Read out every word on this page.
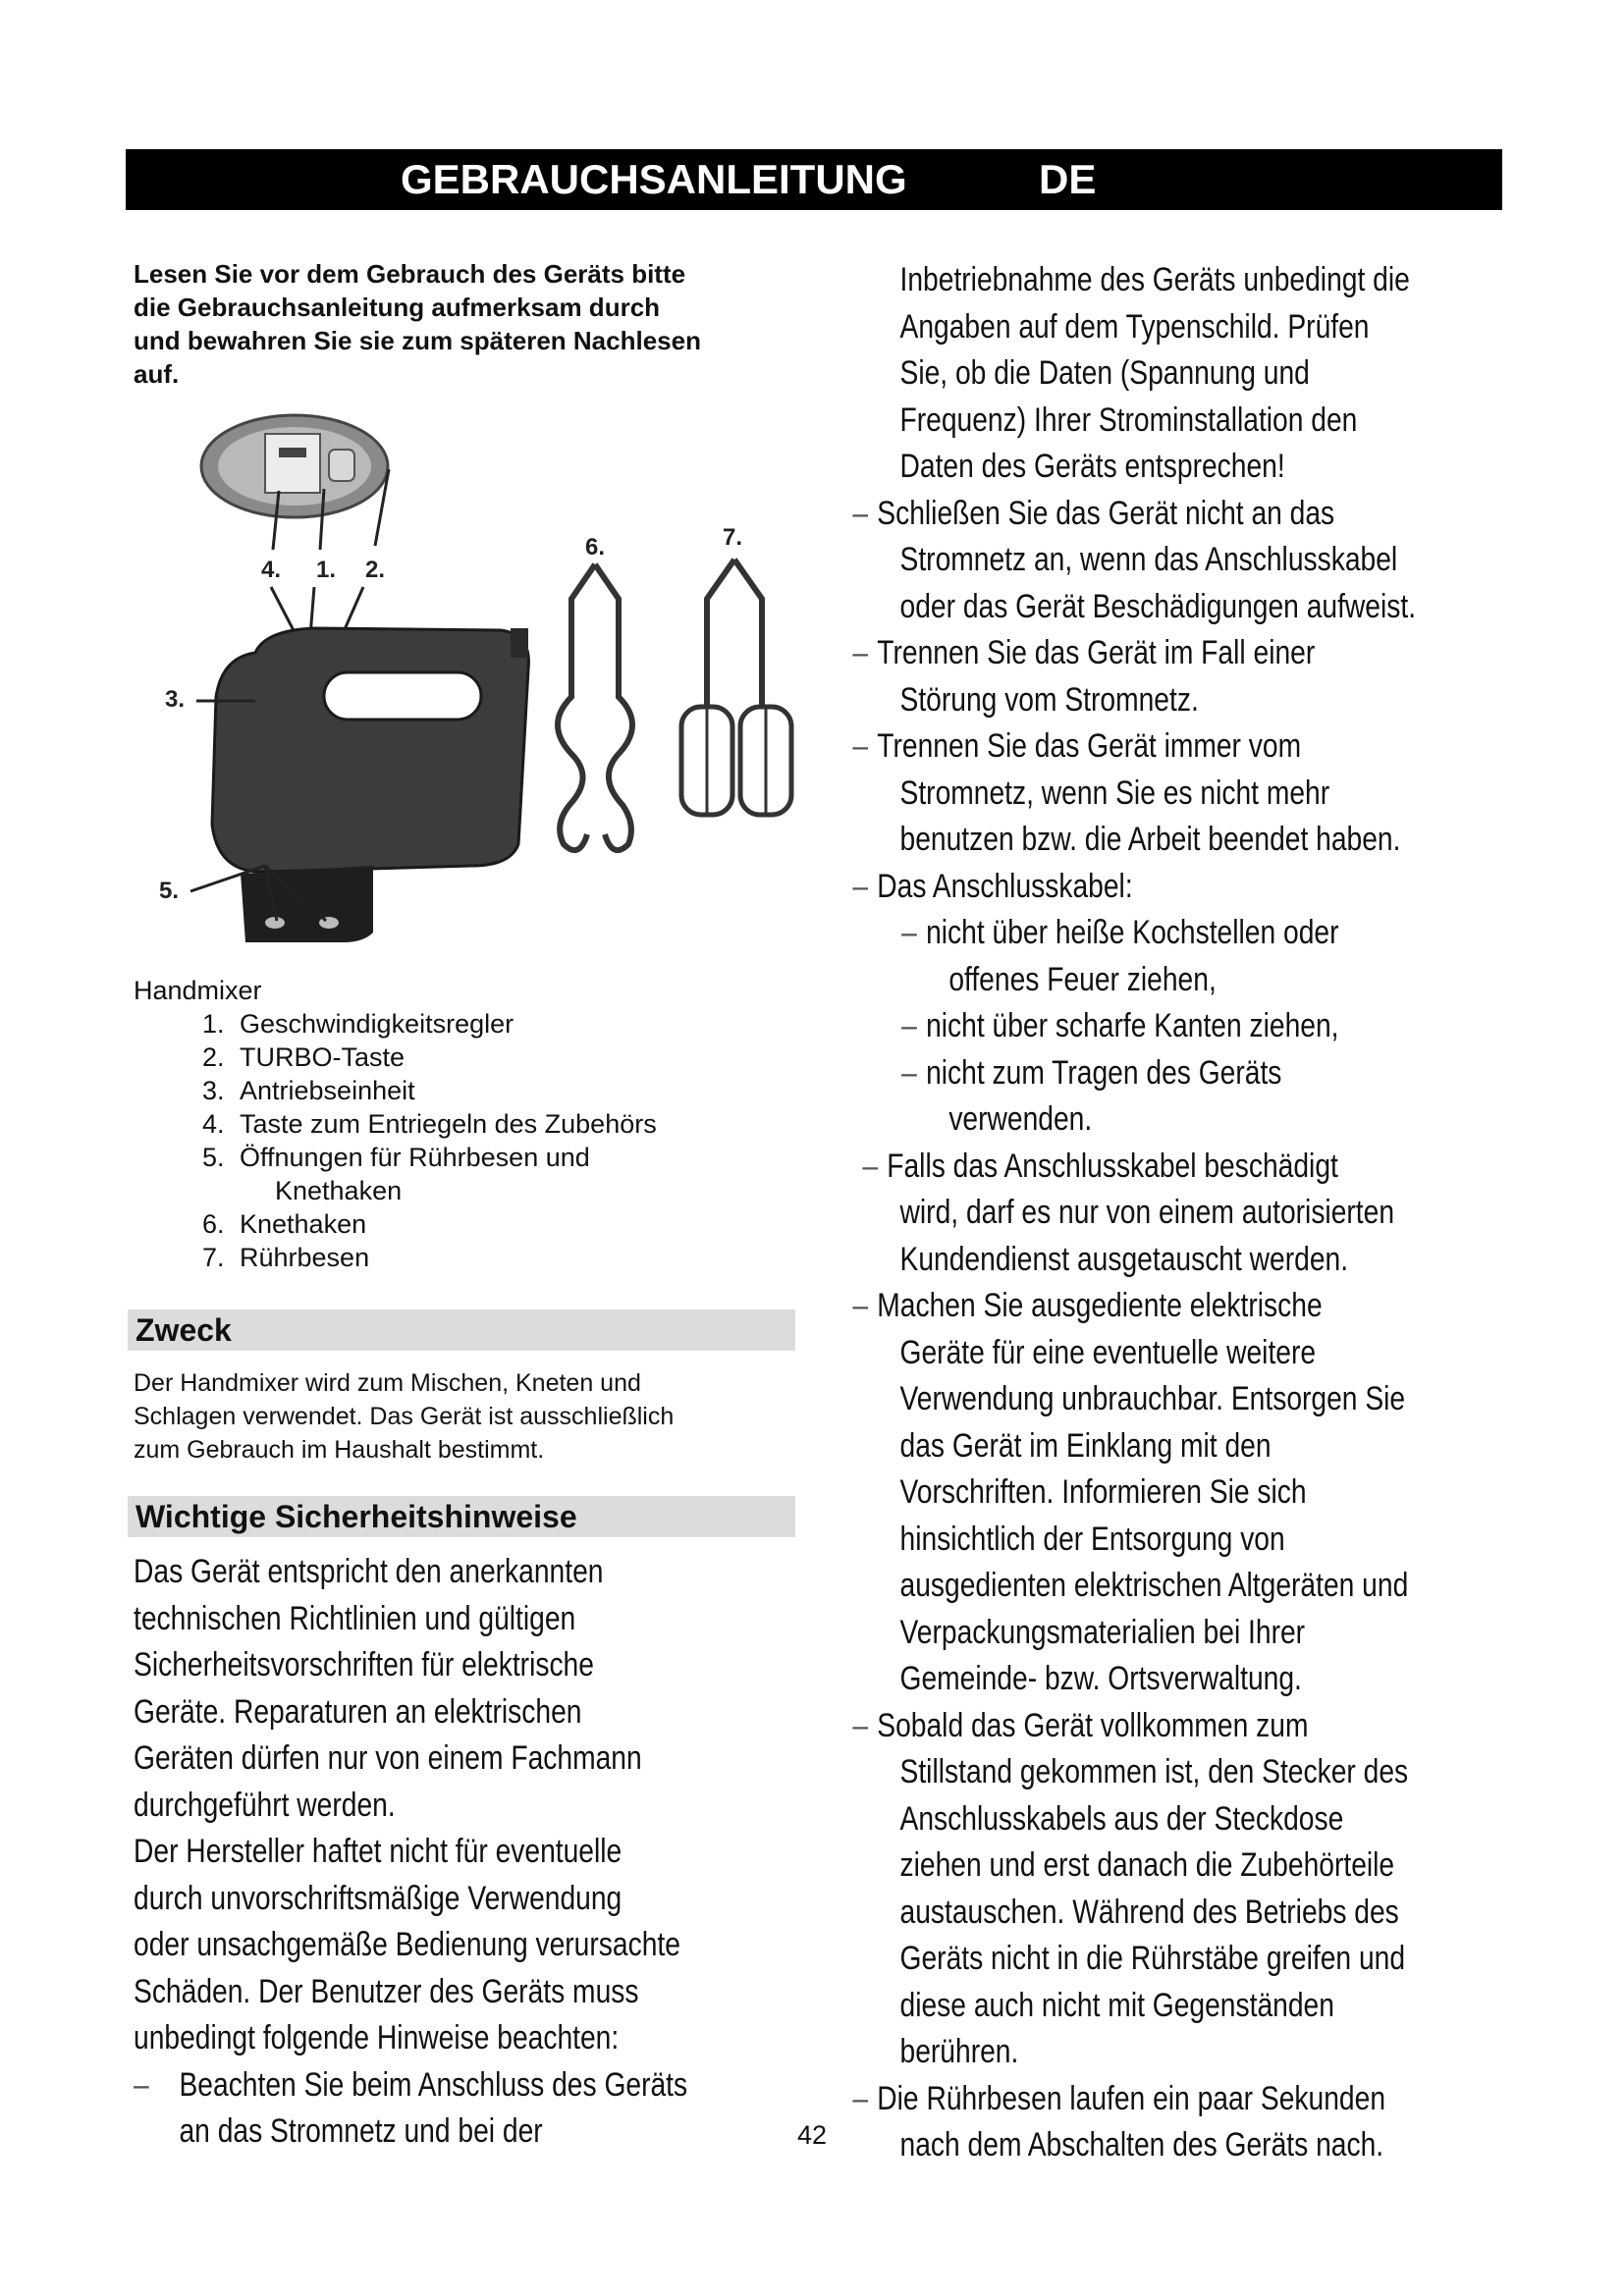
GEBRAUCHSANLEITUNG	DE
Lesen Sie vor dem Gebrauch des Geräts bitte
die Gebrauchsanleitung aufmerksam durch
und bewahren Sie sie zum späteren Nachlesen
auf.
4. 1. 2.
3.
5.
6.	7.
Handmixer
1. Geschwindigkeitsregler
2. TURBO-Taste
3. Antriebseinheit
4. Taste zum Entriegeln des Zubehörs
5. Öffnungen für Rührbesen und
Knethaken
6. Knethaken
7. Rührbesen
Zweck
Der Handmixer wird zum Mischen, Kneten und
Schlagen verwendet. Das Gerät ist ausschließlich
zum Gebrauch im Haushalt bestimmt.
Wichtige Sicherheitshinweise

Das Gerät entspricht den anerkannten

technischen Richtlinien und gültigen

Sicherheitsvorschriften für elektrische

Geräte. Reparaturen an elektrischen

Geräten dürfen nur von einem Fachmann

durchgeführt werden.

Der Hersteller haftet nicht für eventuelle

durch unvorschriftsmäßige Verwendung

oder unsachgemäße Bedienung verursachte

Schäden. Der Benutzer des Geräts muss

unbedingt folgende Hinweise beachten:

– Beachten Sie beim Anschluss des Geräts

an das Stromnetz und bei der

Inbetriebnahme des Geräts unbedingt die
Angaben auf dem Typenschild. Prüfen
Sie, ob die Daten (Spannung und
Frequenz) Ihrer Strominstallation den
Daten des Geräts entsprechen!
– Schließen Sie das Gerät nicht an das
Stromnetz an, wenn das Anschlusskabel
oder das Gerät Beschädigungen aufweist.
– Trennen Sie das Gerät im Fall einer
Störung vom Stromnetz.
– Trennen Sie das Gerät immer vom
Stromnetz, wenn Sie es nicht mehr
benutzen bzw. die Arbeit beendet haben.
– Das Anschlusskabel:
– nicht über heiße Kochstellen oder
offenes Feuer ziehen,
– nicht über scharfe Kanten ziehen,
– nicht zum Tragen des Geräts
verwenden.
– Falls das Anschlusskabel beschädigt
wird, darf es nur von einem autorisierten
Kundendienst ausgetauscht werden.
– Machen Sie ausgediente elektrische
Geräte für eine eventuelle weitere
Verwendung unbrauchbar. Entsorgen Sie
das Gerät im Einklang mit den
Vorschriften. Informieren Sie sich
hinsichtlich der Entsorgung von
ausgedienten elektrischen Altgeräten und
Verpackungsmaterialien bei Ihrer
Gemeinde- bzw. Ortsverwaltung.
– Sobald das Gerät vollkommen zum
Stillstand gekommen ist, den Stecker des
Anschlusskabels aus der Steckdose
ziehen und erst danach die Zubehörteile
austauschen. Während des Betriebs des
Geräts nicht in die Rührstäbe greifen und
diese auch nicht mit Gegenständen
berühren.
– Die Rührbesen laufen ein paar Sekunden
nach dem Abschalten des Geräts nach.
42
